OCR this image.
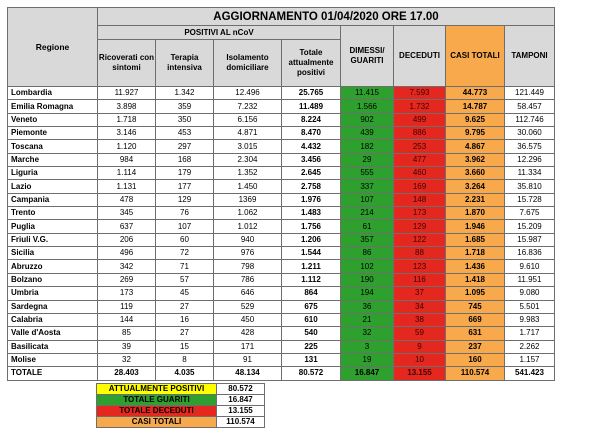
Regione	AGGIORNAMENTO 01/04/2020 ORE 17.00							
	POSITIVI AL nCoV				DIMESSI/ GUARITI	DECEDUTI	CASI TOTALI	TAMPONI
	Ricoverati con sintomi	Terapia intensiva	Isolamento domiciliare	Totale attualmente positivi				
Lombardia	11.927	1.342	12.496	25.765	11.415	7.593	44.773	121.449
Emilia Romagna	3.898	359	7.232	11.489	1.566	1.732	14.787	58.457
Veneto	1.718	350	6.156	8.224	902	499	9.625	112.746
Piemonte	3.146	453	4.871	8.470	439	886	9.795	30.060
Toscana	1.120	297	3.015	4.432	182	253	4.867	36.575
Marche	984	168	2.304	3.456	29	477	3.962	12.296
Liguria	1.114	179	1.352	2.645	555	460	3.660	11.334
Lazio	1.131	177	1.450	2.758	337	169	3.264	35.810
Campania	478	129	1369	1.976	107	148	2.231	15.728
Trento	345	76	1.062	1.483	214	173	1.870	7.675
Puglia	637	107	1.012	1.756	61	129	1.946	15.209
Friuli V.G.	206	60	940	1.206	357	122	1.685	15.987
Sicilia	496	72	976	1.544	86	88	1.718	16.836
Abruzzo	342	71	798	1.211	102	123	1.436	9.610
Bolzano	269	57	786	1.112	190	116	1.418	11.951
Umbria	173	45	646	864	194	37	1.095	9.080
Sardegna	119	27	529	675	36	34	745	5.501
Calabria	144	16	450	610	21	38	669	9.983
Valle d'Aosta	85	27	428	540	32	59	631	1.717
Basilicata	39	15	171	225	3	9	237	2.262
Molise	32	8	91	131	19	10	160	1.157
TOTALE	28.403	4.035	48.134	80.572	16.847	13.155	110.574	541.423
ATTUALMENTE POSITIVI	80.572
TOTALE GUARITI	16.847
TOTALE DECEDUTI	13.155
CASI TOTALI	110.574
